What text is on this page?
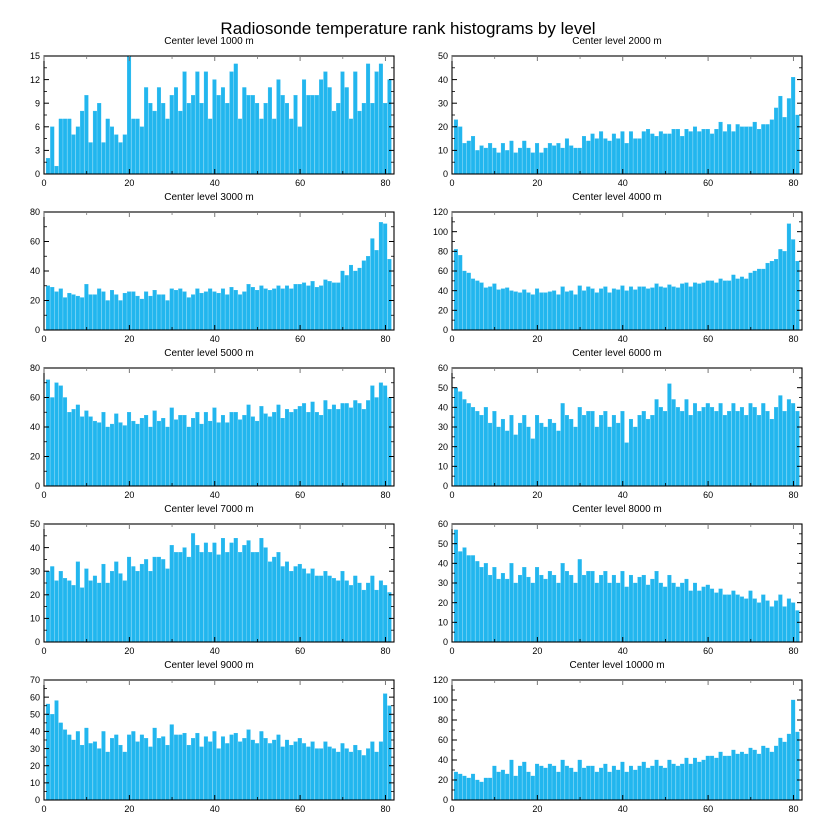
Radiosonde temperature rank histograms by level
Center level 1000 m
0
3
6
9
12
15
0	20	40	60	80
Center level 2000 m
0
10
20
30
40
50
0	20	40	60	80
Center level 3000 m
0
20
40
60
80
0	20	40	60	80
Center level 4000 m
0
20
40
60
80
100
120
0	20	40	60	80
Center level 5000 m
0
20
40
60
80
0	20	40	60	80
Center level 6000 m
0
10
20
30
40
50
60
0	20	40	60	80
Center level 7000 m
0
10
20
30
40
50
0	20	40	60	80
Center level 8000 m
0
10
20
30
40
50
60
0	20	40	60	80
Center level 9000 m
0
10
20
30
40
50
60
70
0	20	40	60	80
Center level 10000 m
0
20
40
60
80
100
120
0	20	40	60	80
